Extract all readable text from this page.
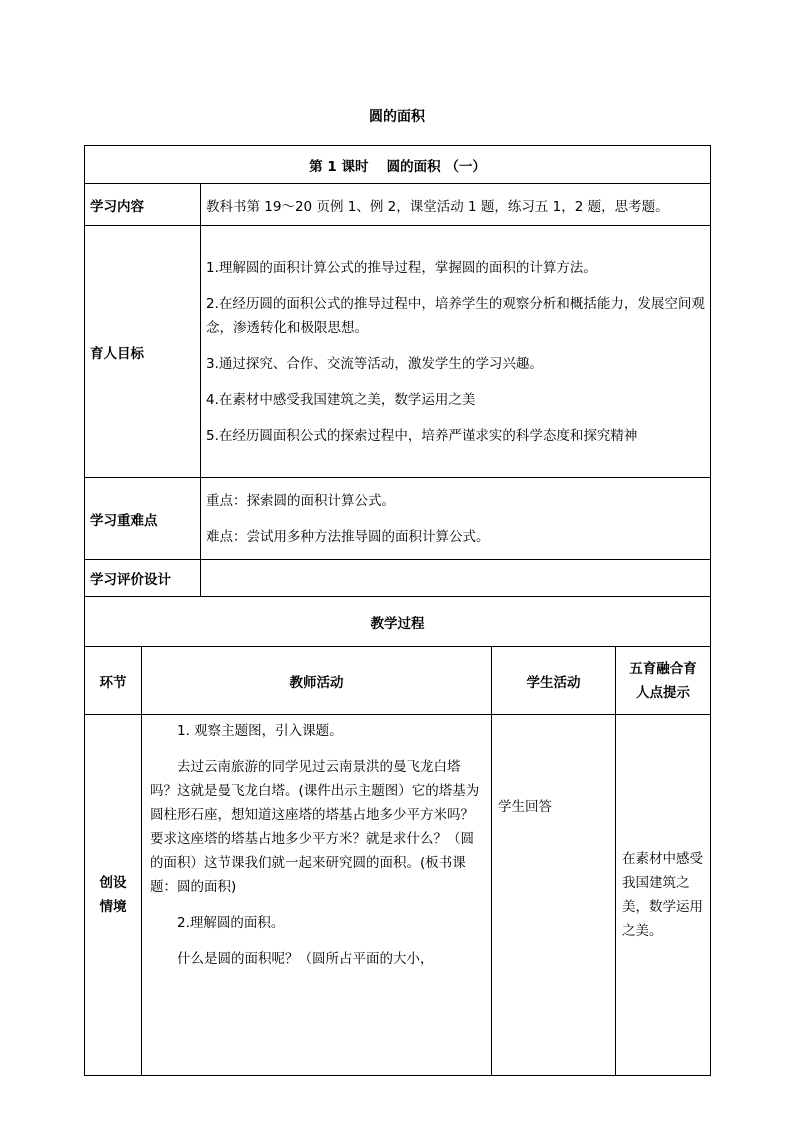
圆的面积
第 1 课时　 圆的面积 （一）				
学习内容		教科书第 19～20 页例 1、例 2，课堂活动 1 题，练习五 1，2 题，思考题。		
育人目标		1.理解圆的面积计算公式的推导过程，掌握圆的面积的计算方法。

2.在经历圆的面积公式的推导过程中，培养学生的观察分析和概括能力，发展空间观念，渗透转化和极限思想。

3.通过探究、合作、交流等活动，激发学生的学习兴趣。

4.在素材中感受我国建筑之美，数学运用之美

5.在经历圆面积公式的探索过程中，培养严谨求实的科学态度和探究精神		

学习重难点		重点：探索圆的面积计算公式。

难点：尝试用多种方法推导圆的面积计算公式。		

学习评价设计				
教学过程				
环节	教师活动		学生活动	五育融合育人点提示
创设情境	1. 观察主题图，引入课题。

去过云南旅游的同学见过云南景洪的曼飞龙白塔吗？这就是曼飞龙白塔。(课件出示主题图）它的塔基为圆柱形石座，想知道这座塔的塔基占地多少平方米吗？要求这座塔的塔基占地多少平方米？就是求什么？（圆的面积）这节课我们就一起来研究圆的面积。(板书课题：圆的面积)

2.理解圆的面积。

什么是圆的面积呢？（圆所占平面的大小，		学生回答	在素材中感受我国建筑之美，数学运用之美。
